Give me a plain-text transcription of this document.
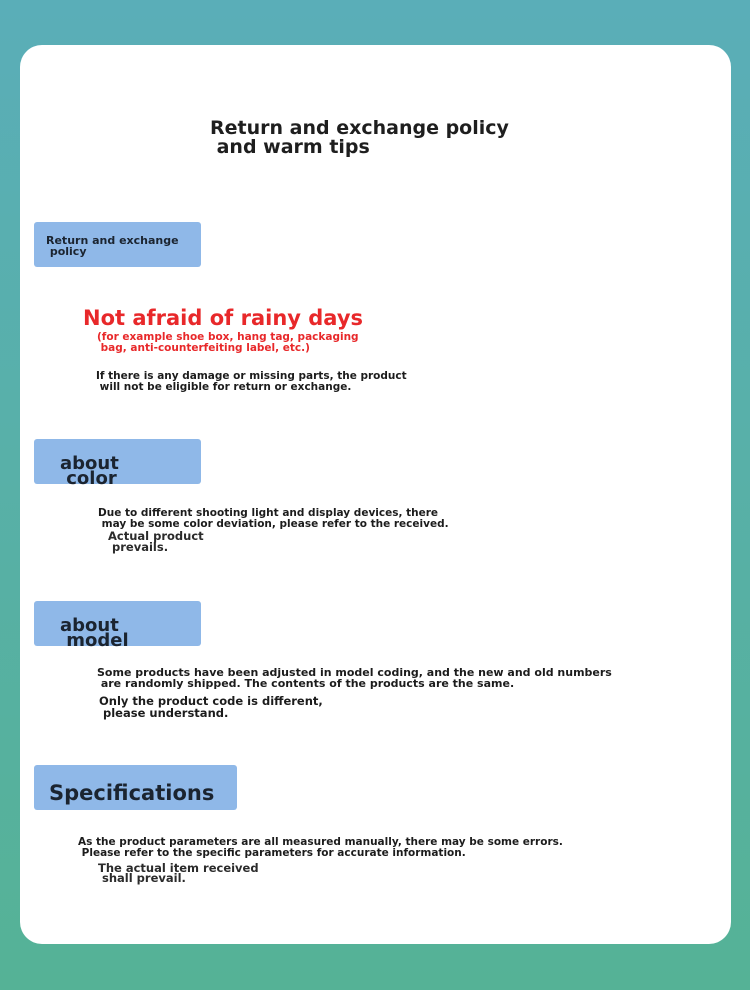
Return and exchange policy
and warm tips

Return and exchange
policy

Not afraid of rainy days
(for example shoe box, hang tag, packaging
bag, anti-counterfeiting label, etc.)
If there is any damage or missing parts, the product
will not be eligible for return or exchange.

about
color

Due to different shooting light and display devices, there
may be some color deviation, please refer to the received.
Actual product
prevails.

about
model

Some products have been adjusted in model coding, and the new and old numbers
are randomly shipped. The contents of the products are the same.
Only the product code is different,
please understand.

Specifications

As the product parameters are all measured manually, there may be some errors.
Please refer to the specific parameters for accurate information.
The actual item received
shall prevail.
